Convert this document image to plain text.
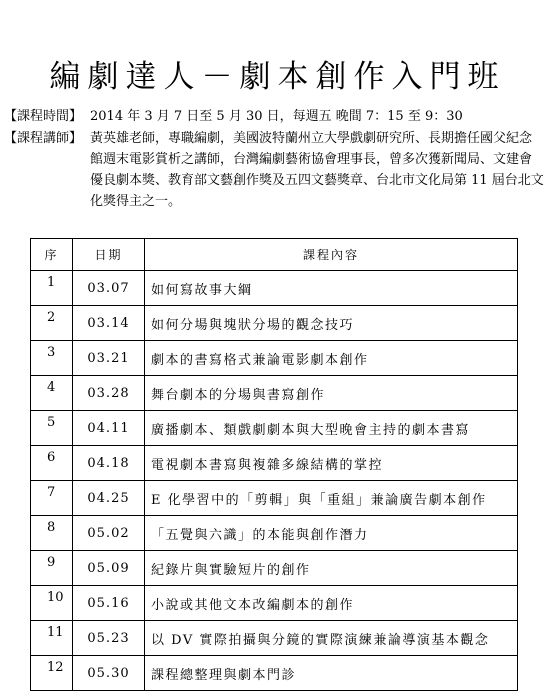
編劇達人－劇本創作入門班
【課程時間】 2014 年 3 月 7 日至 5 月 30 日，每週五 晚間 7：15 至 9：30
【課程講師】 黃英雄老師，專職編劇，美國波特蘭州立大學戲劇研究所、長期擔任國父紀念館週末電影賞析之講師，台灣編劇藝術協會理事長，曾多次獲新聞局、文建會優良劇本獎、教育部文藝創作獎及五四文藝獎章、台北市文化局第 11 屆台北文化獎得主之一。
序	日期	課程內容
1	03.07	如何寫故事大綱
2	03.14	如何分場與塊狀分場的觀念技巧
3	03.21	劇本的書寫格式兼論電影劇本創作
4	03.28	舞台劇本的分場與書寫創作
5	04.11	廣播劇本、類戲劇劇本與大型晚會主持的劇本書寫
6	04.18	電視劇本書寫與複雜多線結構的掌控
7	04.25	E 化學習中的「剪輯」與「重組」兼論廣告劇本創作
8	05.02	「五覺與六識」的本能與創作潛力
9	05.09	紀錄片與實驗短片的創作
10	05.16	小說或其他文本改編劇本的創作
11	05.23	以 DV 實際拍攝與分鏡的實際演練兼論導演基本觀念
12	05.30	課程總整理與劇本門診
